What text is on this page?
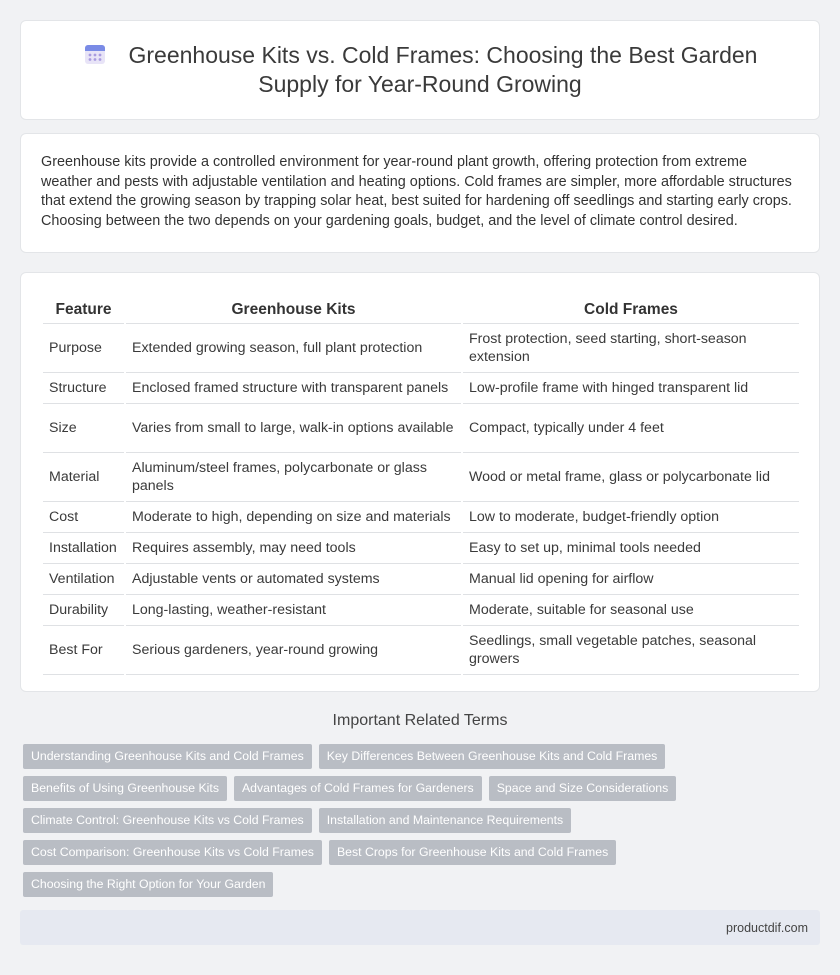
Greenhouse Kits vs. Cold Frames: Choosing the Best Garden Supply for Year-Round Growing

Greenhouse kits provide a controlled environment for year-round plant growth, offering protection from extreme weather and pests with adjustable ventilation and heating options. Cold frames are simpler, more affordable structures that extend the growing season by trapping solar heat, best suited for hardening off seedlings and starting early crops. Choosing between the two depends on your gardening goals, budget, and the level of climate control desired.

Feature	Greenhouse Kits	Cold Frames
Purpose	Extended growing season, full plant protection	Frost protection, seed starting, short-season extension
Structure	Enclosed framed structure with transparent panels	Low-profile frame with hinged transparent lid
Size	Varies from small to large, walk-in options available	Compact, typically under 4 feet
Material	Aluminum/steel frames, polycarbonate or glass panels	Wood or metal frame, glass or polycarbonate lid
Cost	Moderate to high, depending on size and materials	Low to moderate, budget-friendly option
Installation	Requires assembly, may need tools	Easy to set up, minimal tools needed
Ventilation	Adjustable vents or automated systems	Manual lid opening for airflow
Durability	Long-lasting, weather-resistant	Moderate, suitable for seasonal use
Best For	Serious gardeners, year-round growing	Seedlings, small vegetable patches, seasonal growers
Important Related Terms
Understanding Greenhouse Kits and Cold Frames	Key Differences Between Greenhouse Kits and Cold Frames
Benefits of Using Greenhouse Kits	Advantages of Cold Frames for Gardeners	Space and Size Considerations
Climate Control: Greenhouse Kits vs Cold Frames	Installation and Maintenance Requirements
Cost Comparison: Greenhouse Kits vs Cold Frames	Best Crops for Greenhouse Kits and Cold Frames
Choosing the Right Option for Your Garden
productdif.com
